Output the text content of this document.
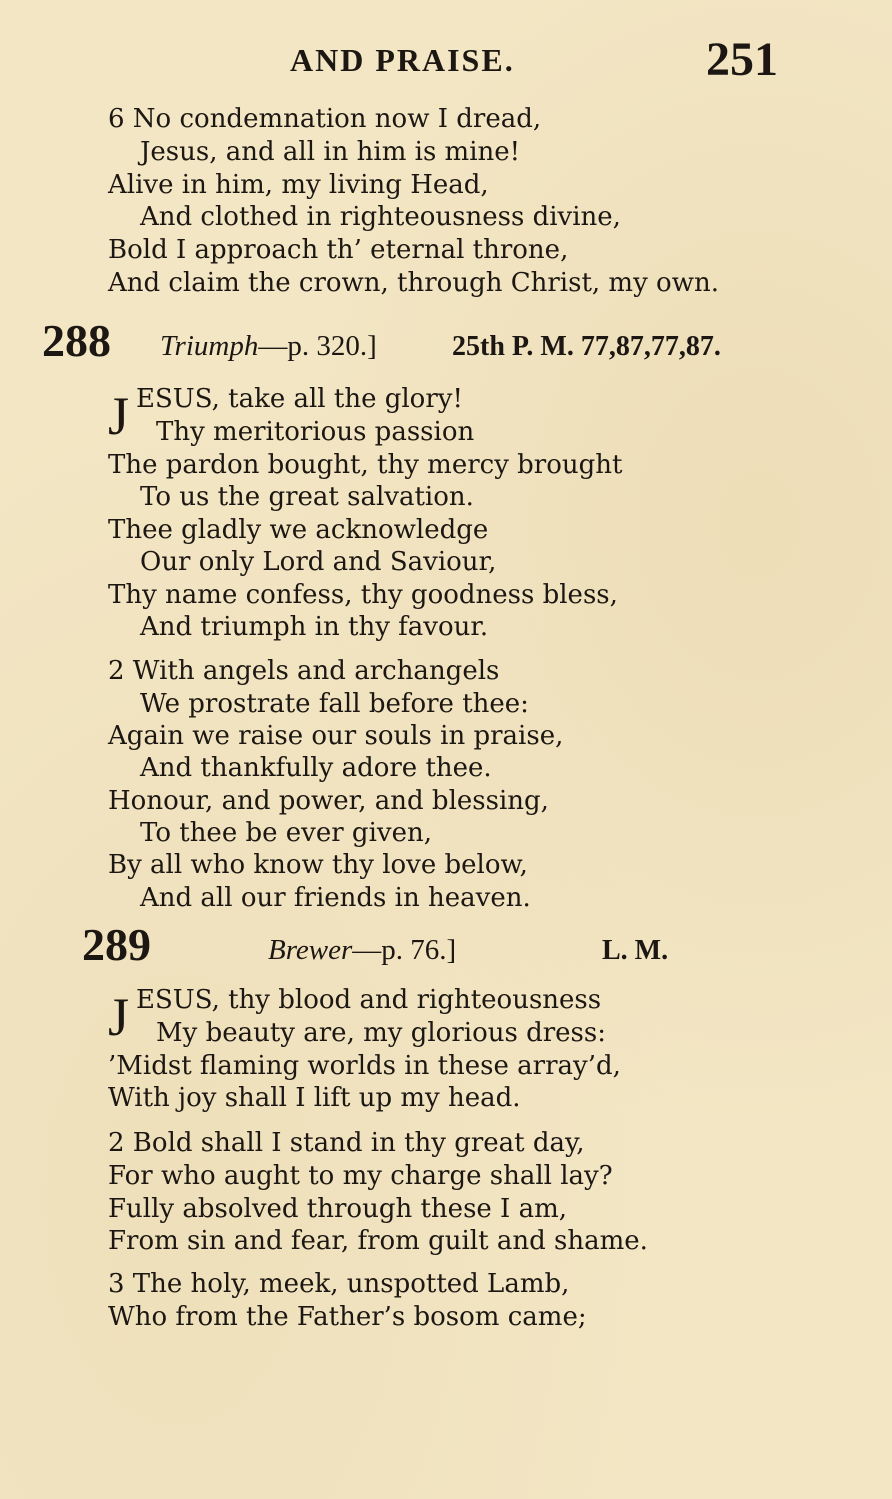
AND PRAISE.	251
6 No condemnation now I dread,
Jesus, and all in him is mine!
Alive in him, my living Head,
And clothed in righteousness divine,
Bold I approach th’ eternal throne,
And claim the crown, through Christ, my own.
288 Triumph—p. 320.]	25th P. M. 77,87,77,87.
J ESUS, take all the glory!
Thy meritorious passion
The pardon bought, thy mercy brought
To us the great salvation.
Thee gladly we acknowledge
Our only Lord and Saviour,
Thy name confess, thy goodness bless,
And triumph in thy favour.
2 With angels and archangels
We prostrate fall before thee:
Again we raise our souls in praise,
And thankfully adore thee.
Honour, and power, and blessing,
To thee be ever given,
By all who know thy love below,
And all our friends in heaven.
289	Brewer—p. 76.]	L. M.
J ESUS, thy blood and righteousness
My beauty are, my glorious dress:
’Midst flaming worlds in these array’d,
With joy shall I lift up my head.
2 Bold shall I stand in thy great day,
For who aught to my charge shall lay?
Fully absolved through these I am,
From sin and fear, from guilt and shame.
3 The holy, meek, unspotted Lamb,
Who from the Father’s bosom came;
